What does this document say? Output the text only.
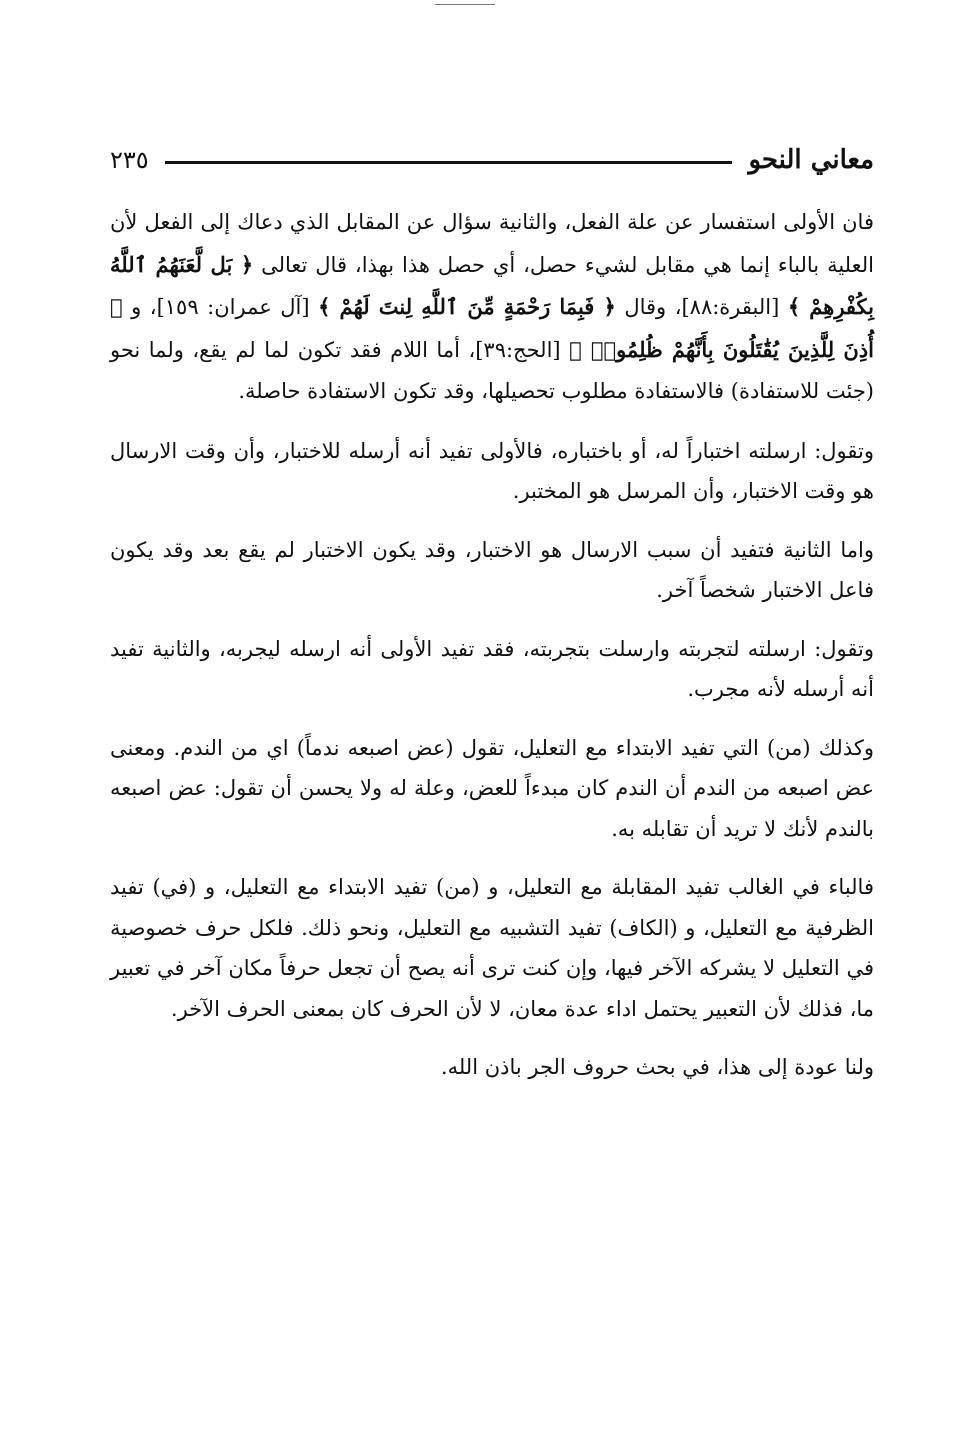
معاني النحو
٢٣٥

فان الأولى استفسار عن علة الفعل، والثانية سؤال عن المقابل الذي دعاك إلى الفعل لأن العلية بالباء إنما هي مقابل لشيء حصل، أي حصل هذا بهذا، قال تعالى ﴿ بَل لَّعَنَهُمُ ٱللَّهُ بِكُفْرِهِمْ ﴾ [البقرة:٨٨]، وقال ﴿ فَبِمَا رَحْمَةٍ مِّنَ ٱللَّهِ لِنتَ لَهُمْ ﴾ [آل عمران: ١٥٩]، و ﴿ أُذِنَ لِلَّذِينَ يُقَٰتَلُونَ بِأَنَّهُمْ ظُلِمُوا۟ ﴾ [الحج:٣٩]، أما اللام فقد تكون لما لم يقع، ولما نحو (جئت للاستفادة) فالاستفادة مطلوب تحصيلها، وقد تكون الاستفادة حاصلة.

وتقول: ارسلته اختباراً له، أو باختباره، فالأولى تفيد أنه أرسله للاختبار، وأن وقت الارسال هو وقت الاختبار، وأن المرسل هو المختبر.

واما الثانية فتفيد أن سبب الارسال هو الاختبار، وقد يكون الاختبار لم يقع بعد وقد يكون فاعل الاختبار شخصاً آخر.

وتقول: ارسلته لتجربته وارسلت بتجربته، فقد تفيد الأولى أنه ارسله ليجربه، والثانية تفيد أنه أرسله لأنه مجرب.

وكذلك (من) التي تفيد الابتداء مع التعليل، تقول (عض اصبعه ندماً) اي من الندم. ومعنى عض اصبعه من الندم أن الندم كان مبدءاً للعض، وعلة له ولا يحسن أن تقول: عض اصبعه بالندم لأنك لا تريد أن تقابله به.

فالباء في الغالب تفيد المقابلة مع التعليل، و (من) تفيد الابتداء مع التعليل، و (في) تفيد الظرفية مع التعليل، و (الكاف) تفيد التشبيه مع التعليل، ونحو ذلك. فلكل حرف خصوصية في التعليل لا يشركه الآخر فيها، وإن كنت ترى أنه يصح أن تجعل حرفاً مكان آخر في تعبير ما، فذلك لأن التعبير يحتمل اداء عدة معان، لا لأن الحرف كان بمعنى الحرف الآخر.

ولنا عودة إلى هذا، في بحث حروف الجر باذن الله.
